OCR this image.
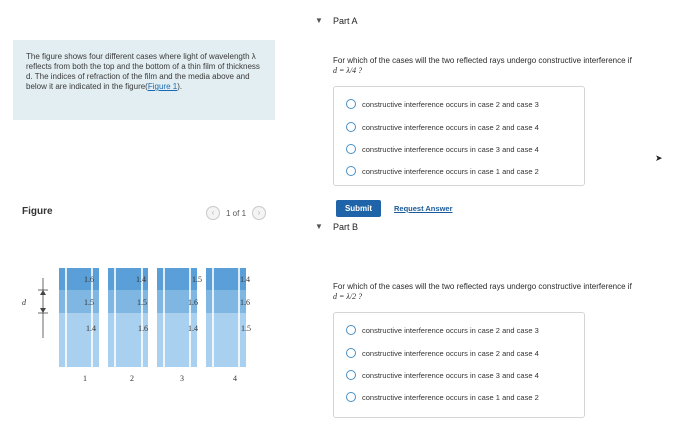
The figure shows four different cases where light of wavelength λ reflects from both the top and the bottom of a thin film of thickness d. The indices of refraction of the film and the media above and below it are indicated in the figure(Figure 1).
Figure	‹	1 of 1	›
d
1.6
1.5
1.4
1
1.4
1.5
1.6
2
1.5
1.6
1.4
3
1.4
1.6
1.5
4
▼ Part A
For which of the cases will the two reflected rays undergo constructive interference if
d = λ/4 ?
constructive interference occurs in case 2 and case 3
constructive interference occurs in case 2 and case 4
constructive interference occurs in case 3 and case 4
constructive interference occurs in case 1 and case 2
Submit	Request Answer
➤
▼ Part B
For which of the cases will the two reflected rays undergo constructive interference if
d = λ/2 ?
constructive interference occurs in case 2 and case 3
constructive interference occurs in case 2 and case 4
constructive interference occurs in case 3 and case 4
constructive interference occurs in case 1 and case 2
